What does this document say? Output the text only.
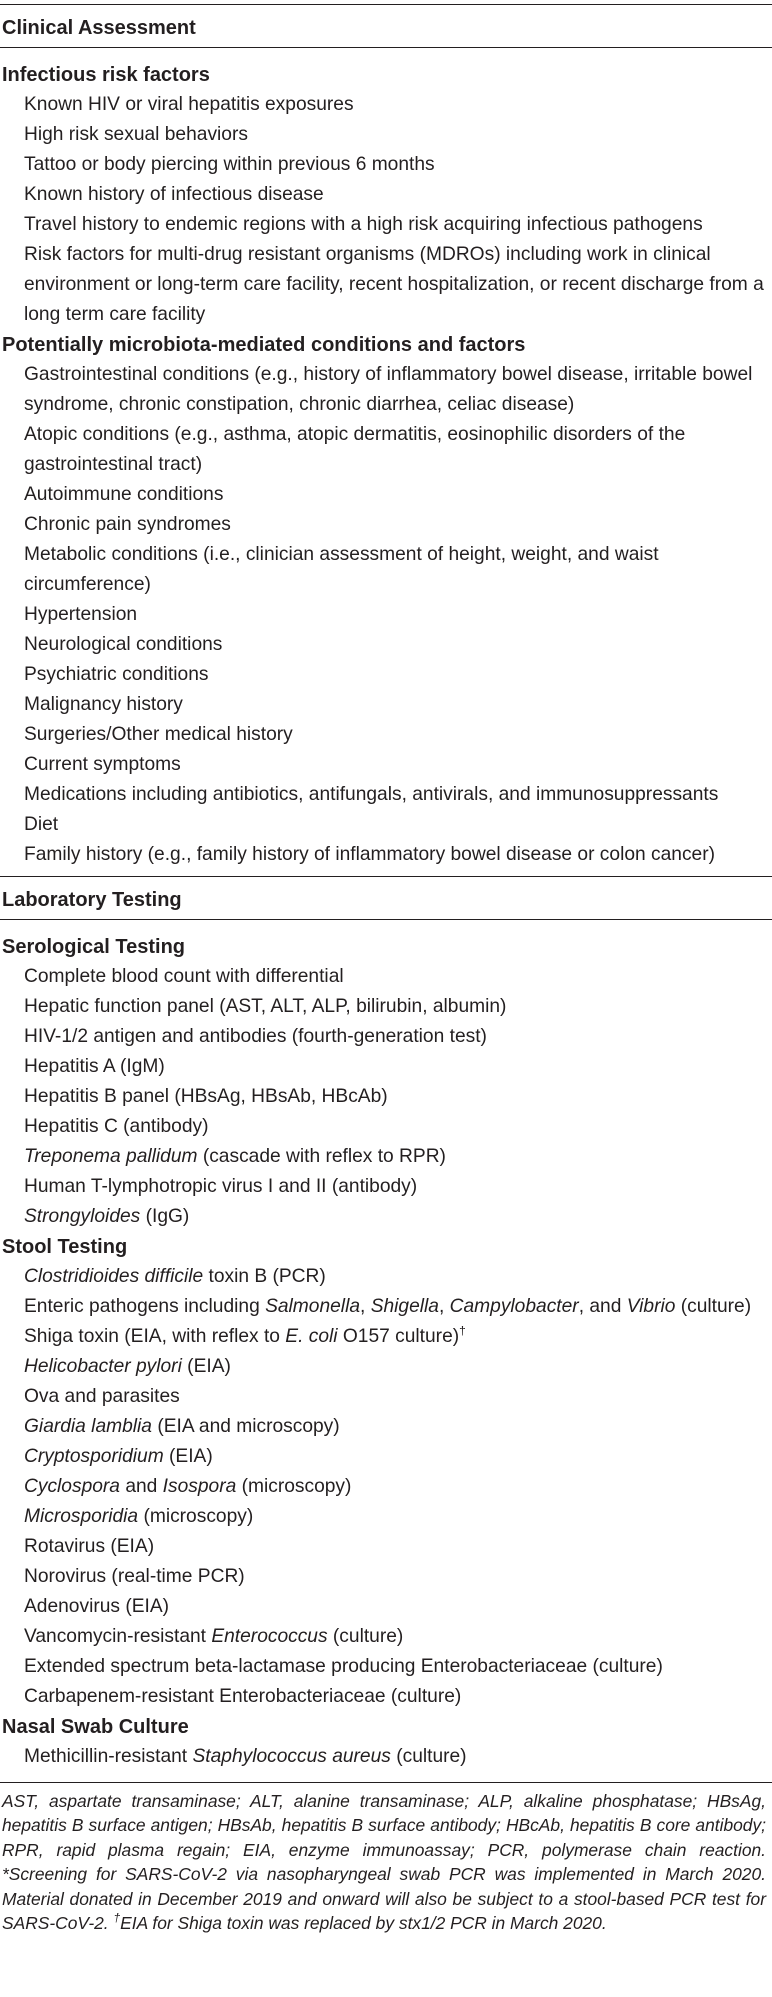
Clinical Assessment
Infectious risk factors
Known HIV or viral hepatitis exposures
High risk sexual behaviors
Tattoo or body piercing within previous 6 months
Known history of infectious disease
Travel history to endemic regions with a high risk acquiring infectious pathogens
Risk factors for multi-drug resistant organisms (MDROs) including work in clinical environment or long-term care facility, recent hospitalization, or recent discharge from a long term care facility
Potentially microbiota-mediated conditions and factors
Gastrointestinal conditions (e.g., history of inflammatory bowel disease, irritable bowel syndrome, chronic constipation, chronic diarrhea, celiac disease)
Atopic conditions (e.g., asthma, atopic dermatitis, eosinophilic disorders of the gastrointestinal tract)
Autoimmune conditions
Chronic pain syndromes
Metabolic conditions (i.e., clinician assessment of height, weight, and waist circumference)
Hypertension
Neurological conditions
Psychiatric conditions
Malignancy history
Surgeries/Other medical history
Current symptoms
Medications including antibiotics, antifungals, antivirals, and immunosuppressants
Diet
Family history (e.g., family history of inflammatory bowel disease or colon cancer)
Laboratory Testing
Serological Testing
Complete blood count with differential
Hepatic function panel (AST, ALT, ALP, bilirubin, albumin)
HIV-1/2 antigen and antibodies (fourth-generation test)
Hepatitis A (IgM)
Hepatitis B panel (HBsAg, HBsAb, HBcAb)
Hepatitis C (antibody)
Treponema pallidum (cascade with reflex to RPR)
Human T-lymphotropic virus I and II (antibody)
Strongyloides (IgG)
Stool Testing
Clostridioides difficile toxin B (PCR)
Enteric pathogens including Salmonella, Shigella, Campylobacter, and Vibrio (culture)
Shiga toxin (EIA, with reflex to E. coli O157 culture)†
Helicobacter pylori (EIA)
Ova and parasites
Giardia lamblia (EIA and microscopy)
Cryptosporidium (EIA)
Cyclospora and Isospora (microscopy)
Microsporidia (microscopy)
Rotavirus (EIA)
Norovirus (real-time PCR)
Adenovirus (EIA)
Vancomycin-resistant Enterococcus (culture)
Extended spectrum beta-lactamase producing Enterobacteriaceae (culture)
Carbapenem-resistant Enterobacteriaceae (culture)
Nasal Swab Culture
Methicillin-resistant Staphylococcus aureus (culture)
AST, aspartate transaminase; ALT, alanine transaminase; ALP, alkaline phosphatase; HBsAg, hepatitis B surface antigen; HBsAb, hepatitis B surface antibody; HBcAb, hepatitis B core antibody; RPR, rapid plasma regain; EIA, enzyme immunoassay; PCR, polymerase chain reaction. *Screening for SARS-CoV-2 via nasopharyngeal swab PCR was implemented in March 2020. Material donated in December 2019 and onward will also be subject to a stool-based PCR test for SARS-CoV-2. †EIA for Shiga toxin was replaced by stx1/2 PCR in March 2020.
